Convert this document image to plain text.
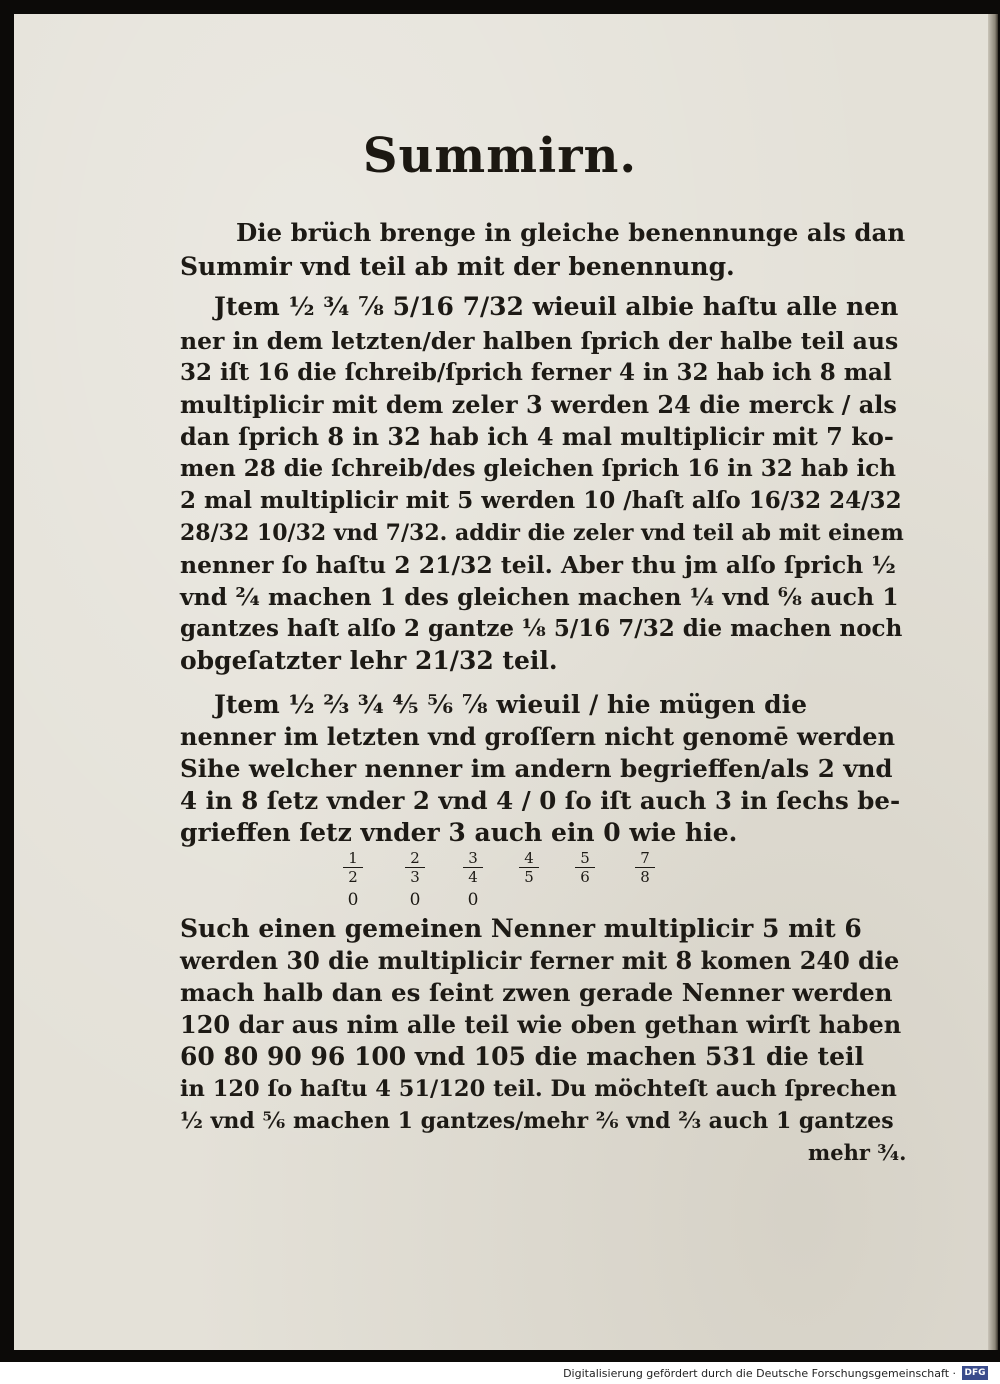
Summirn.
Die brüch brenge in gleiche benennunge als dan
Summir vnd teil ab mit der benennung.
Jtem ½ ¾ ⅞ 5/16 7/32 wieuil albie haſtu alle nen
ner in dem letzten/der halben ſprich der halbe teil aus
32 iſt 16 die ſchreib/ſprich ferner 4 in 32 hab ich 8 mal
multiplicir mit dem zeler 3 werden 24 die merck / als
dan ſprich 8 in 32 hab ich 4 mal multiplicir mit 7 ko-
men 28 die ſchreib/des gleichen ſprich 16 in 32 hab ich
2 mal multiplicir mit 5 werden 10 /haſt alſo 16/32 24/32
28/32 10/32 vnd 7/32. addir die zeler vnd teil ab mit einem
nenner ſo haſtu 2 21/32 teil. Aber thu jm alſo ſprich ½
vnd ²⁄₄ machen 1 des gleichen machen ¼ vnd ⁶⁄₈ auch 1
gantzes haſt alſo 2 gantze ⅛ 5/16 7/32 die machen noch
obgeſatzter lehr 21/32 teil.
Jtem ½ ⅔ ¾ ⅘ ⅚ ⅞ wieuil / hie mügen die
nenner im letzten vnd groſſern nicht genomē werden
Sihe welcher nenner im andern begrieffen/als 2 vnd
4 in 8 ſetz vnder 2 vnd 4 / 0 ſo iſt auch 3 in ſechs be-
grieffen ſetz vnder 3 auch ein 0 wie hie.
1
2
2
3
3
4
4
5
5
6
7
8
0	0	0
Such einen gemeinen Nenner multiplicir 5 mit 6
werden 30 die multiplicir ferner mit 8 komen 240 die
mach halb dan es ſeint zwen gerade Nenner werden
120 dar aus nim alle teil wie oben gethan wirſt haben
60 80 90 96 100 vnd 105 die machen 531 die teil
in 120 ſo haſtu 4 51/120 teil. Du möchteſt auch ſprechen
½ vnd ⁵⁄₆ machen 1 gantzes/mehr ²⁄₆ vnd ⅔ auch 1 gantzes
mehr ¾.
Digitalisierung gefördert durch die Deutsche Forschungsgemeinschaft · DFG
